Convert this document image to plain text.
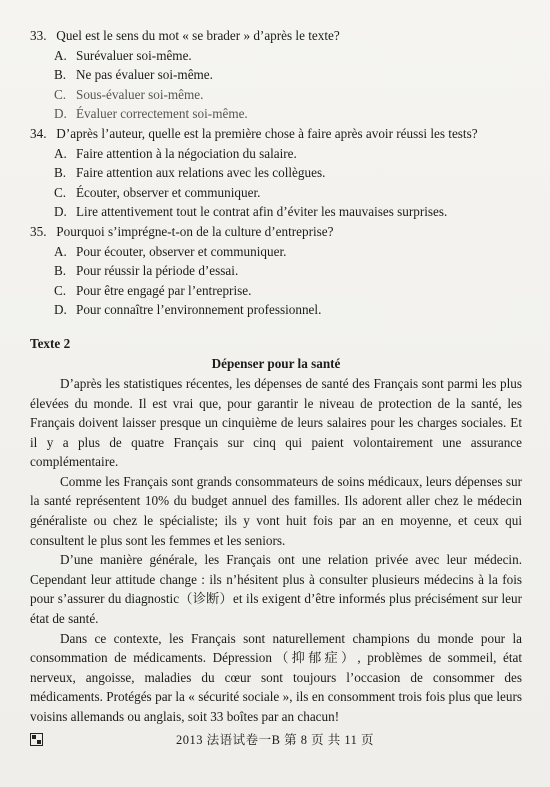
33. Quel est le sens du mot « se brader » d’après le texte?
A. Surévaluer soi-même.
B. Ne pas évaluer soi-même.
C. Sous-évaluer soi-même.
D. Évaluer correctement soi-même.
34. D’après l’auteur, quelle est la première chose à faire après avoir réussi les tests?
A. Faire attention à la négociation du salaire.
B. Faire attention aux relations avec les collègues.
C. Écouter, observer et communiquer.
D. Lire attentivement tout le contrat afin d’éviter les mauvaises surprises.
35. Pourquoi s’imprégne-t-on de la culture d’entreprise?
A. Pour écouter, observer et communiquer.
B. Pour réussir la période d’essai.
C. Pour être engagé par l’entreprise.
D. Pour connaître l’environnement professionnel.
Texte 2
Dépenser pour la santé

D’après les statistiques récentes, les dépenses de santé des Français sont parmi les plus élevées du monde. Il est vrai que, pour garantir le niveau de protection de la santé, les Français doivent laisser presque un cinquième de leurs salaires pour les charges sociales. Et il y a plus de quatre Français sur cinq qui paient volontairement une assurance complémentaire.

Comme les Français sont grands consommateurs de soins médicaux, leurs dépenses sur la santé représentent 10% du budget annuel des familles. Ils adorent aller chez le médecin généraliste ou chez le spécialiste; ils y vont huit fois par an en moyenne, et ceux qui consultent le plus sont les femmes et les seniors.

D’une manière générale, les Français ont une relation privée avec leur médecin. Cependant leur attitude change : ils n’hésitent plus à consulter plusieurs médecins à la fois pour s’assurer du diagnostic（诊断）et ils exigent d’être informés plus précisément sur leur état de santé.

Dans ce contexte, les Français sont naturellement champions du monde pour la consommation de médicaments. Dépression（抑郁症）, problèmes de sommeil, état nerveux, angoisse, maladies du cœur sont toujours l’occasion de consommer des médicaments. Protégés par la « sécurité sociale », ils en consomment trois fois plus que leurs voisins allemands ou anglais, soit 33 boîtes par an chacun!

2013 法语试卷一B 第 8 页 共 11 页
